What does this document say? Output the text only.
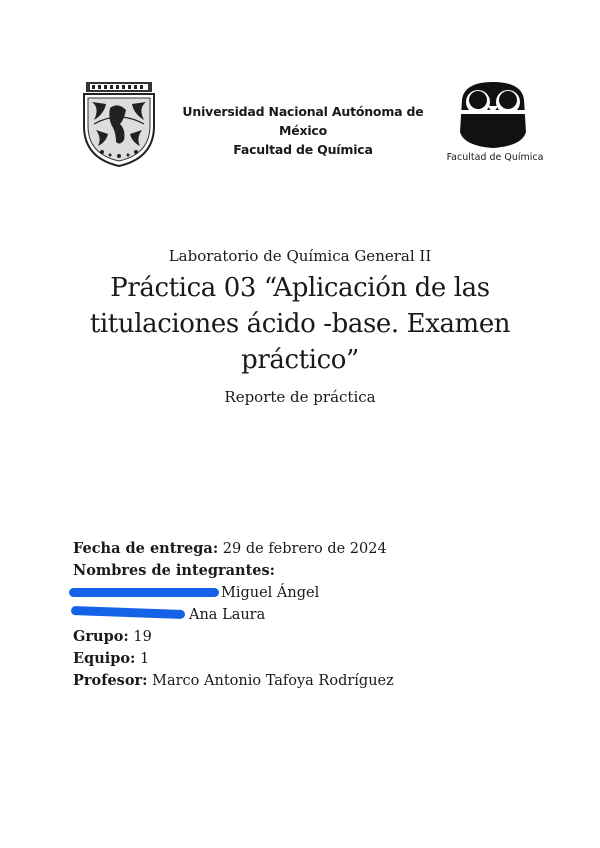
Universidad Nacional Autónoma de México
Facultad de Química
Facultad de Química
Laboratorio de Química General II
Práctica 03 “Aplicación de las titulaciones ácido -base. Examen práctico”
Reporte de práctica
Fecha de entrega: 29 de febrero de 2024
Nombres de integrantes:
Miguel Ángel
Ana Laura
Grupo: 19
Equipo: 1
Profesor: Marco Antonio Tafoya Rodríguez
